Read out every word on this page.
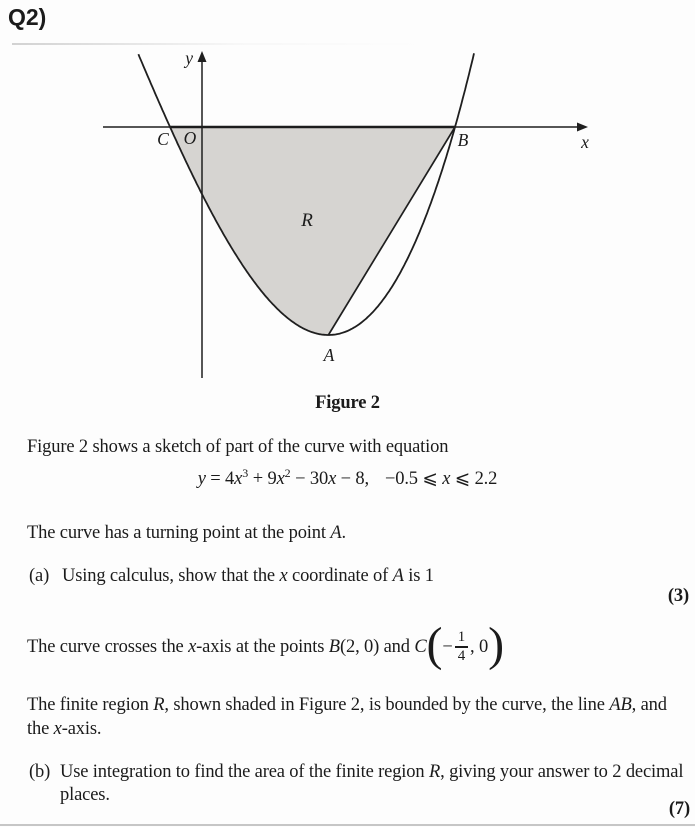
Q2)
y
x
C O	B
R
A
Figure 2
Figure 2 shows a sketch of part of the curve with equation
$y = 4x^3 + 9x^2 - 30x - 8$, −0.5 ⩽ x ⩽ 2.2
The curve has a turning point at the point A.
(a) Using calculus, show that the x coordinate of A is 1
(3)
The curve crosses the x-axis at the points B(2, 0) and C ( − $\frac{1}{4}$ , 0 )
The finite region R, shown shaded in Figure 2, is bounded by the curve, the line AB, and
the x-axis.
(b) Use integration to find the area of the finite region R, giving your answer to 2 decimal
places.
(7)
